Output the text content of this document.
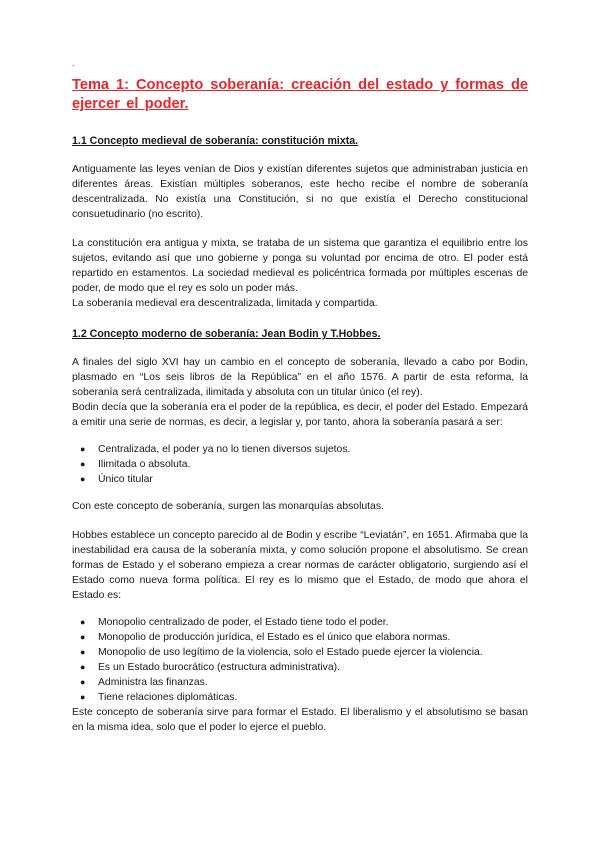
`
Tema 1: Concepto soberanía: creación del estado y formas de ejercer el poder.
1.1 Concepto medieval de soberanía: constitución mixta.

Antiguamente las leyes venían de Dios y existían diferentes sujetos que administraban justicia en diferentes áreas. Existían múltiples soberanos, este hecho recibe el nombre de soberanía descentralizada. No existía una Constitución, si no que existía el Derecho constitucional consuetudinario (no escrito).

La constitución era antigua y mixta, se trataba de un sistema que garantiza el equilibrio entre los sujetos, evitando así que uno gobierne y ponga su voluntad por encima de otro. El poder está repartido en estamentos. La sociedad medieval es policéntrica formada por múltiples escenas de poder, de modo que el rey es solo un poder más.

La soberanía medieval era descentralizada, limitada y compartida.

1.2 Concepto moderno de soberanía: Jean Bodin y T.Hobbes.

A finales del siglo XVI hay un cambio en el concepto de soberanía, llevado a cabo por Bodin, plasmado en “Los seis libros de la República” en el año 1576. A partir de esta reforma, la soberanía será centralizada, ilimitada y absoluta con un titular único (el rey).

Bodin decía que la soberanía era el poder de la república, es decir, el poder del Estado. Empezará a emitir una serie de normas, es decir, a legislar y, por tanto, ahora la soberanía pasará a ser:

● Centralizada, el poder ya no lo tienen diversos sujetos.
● Ilimitada o absoluta.
● Único titular

Con este concepto de soberanía, surgen las monarquías absolutas.

Hobbes establece un concepto parecido al de Bodin y escribe “Leviatán”, en 1651. Afirmaba que la inestabilidad era causa de la soberanía mixta, y como solución propone el absolutismo. Se crean formas de Estado y el soberano empieza a crear normas de carácter obligatorio, surgiendo así el Estado como nueva forma política. El rey es lo mismo que el Estado, de modo que ahora el Estado es:

● Monopolio centralizado de poder, el Estado tiene todo el poder.
● Monopolio de producción jurídica, el Estado es el único que elabora normas.
● Monopolio de uso legítimo de la violencia, solo el Estado puede ejercer la violencia.
● Es un Estado burocrático (estructura administrativa).
● Administra las finanzas.
● Tiene relaciones diplomáticas.

Este concepto de soberanía sirve para formar el Estado. El liberalismo y el absolutismo se basan en la misma idea, solo que el poder lo ejerce el pueblo.
